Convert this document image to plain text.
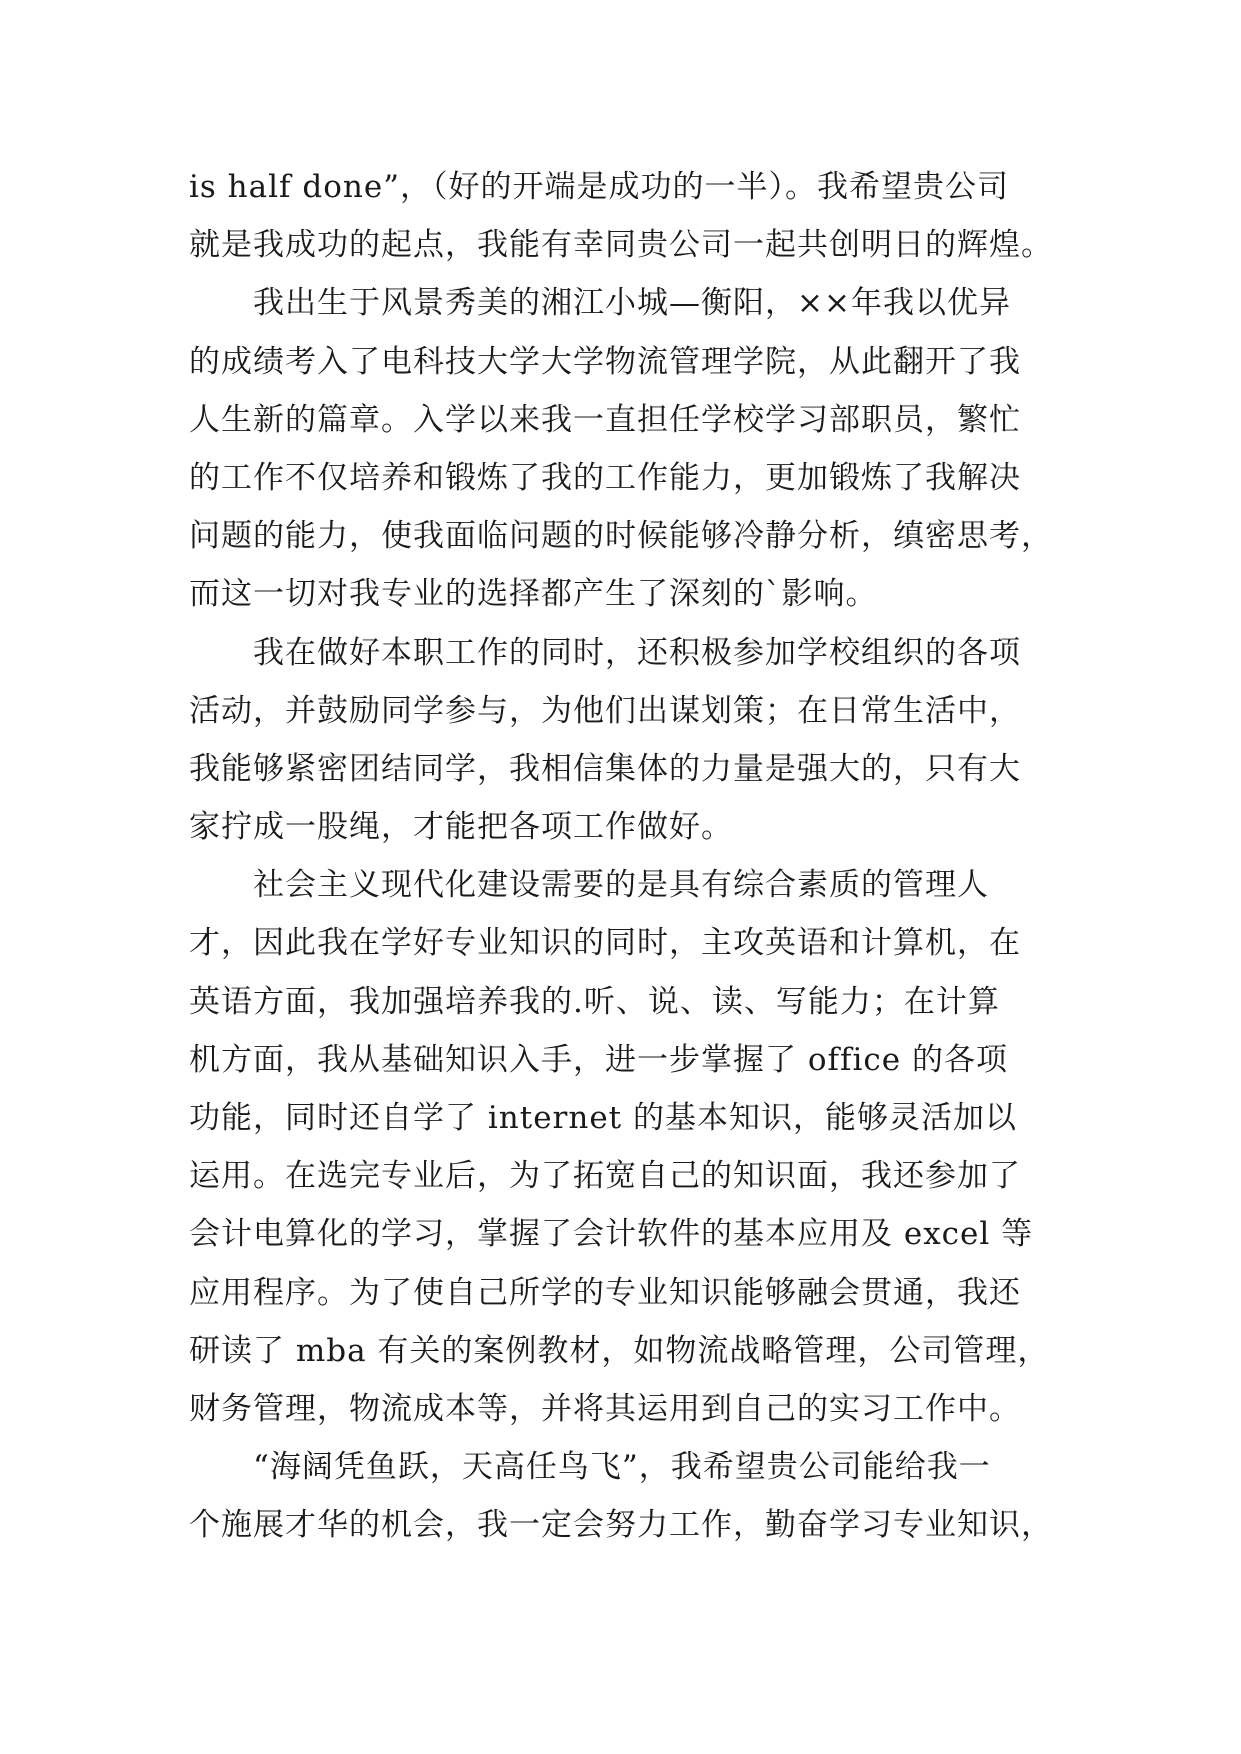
is half done”，（好的开端是成功的一半）。我希望贵公司
就是我成功的起点，我能有幸同贵公司一起共创明日的辉煌。
我出生于风景秀美的湘江小城—衡阳，××年我以优异
的成绩考入了电科技大学大学物流管理学院，从此翻开了我
人生新的篇章。入学以来我一直担任学校学习部职员，繁忙
的工作不仅培养和锻炼了我的工作能力，更加锻炼了我解决
问题的能力，使我面临问题的时候能够冷静分析，缜密思考，
而这一切对我专业的选择都产生了深刻的`影响。
我在做好本职工作的同时，还积极参加学校组织的各项
活动，并鼓励同学参与，为他们出谋划策；在日常生活中，
我能够紧密团结同学，我相信集体的力量是强大的，只有大
家拧成一股绳，才能把各项工作做好。
社会主义现代化建设需要的是具有综合素质的管理人
才，因此我在学好专业知识的同时，主攻英语和计算机，在
英语方面，我加强培养我的.听、说、读、写能力；在计算
机方面，我从基础知识入手，进一步掌握了 office 的各项
功能，同时还自学了 internet 的基本知识，能够灵活加以
运用。在选完专业后，为了拓宽自己的知识面，我还参加了
会计电算化的学习，掌握了会计软件的基本应用及 excel 等
应用程序。为了使自己所学的专业知识能够融会贯通，我还
研读了 mba 有关的案例教材，如物流战略管理，公司管理，
财务管理，物流成本等，并将其运用到自己的实习工作中。
“海阔凭鱼跃，天高任鸟飞”，我希望贵公司能给我一
个施展才华的机会，我一定会努力工作，勤奋学习专业知识，
